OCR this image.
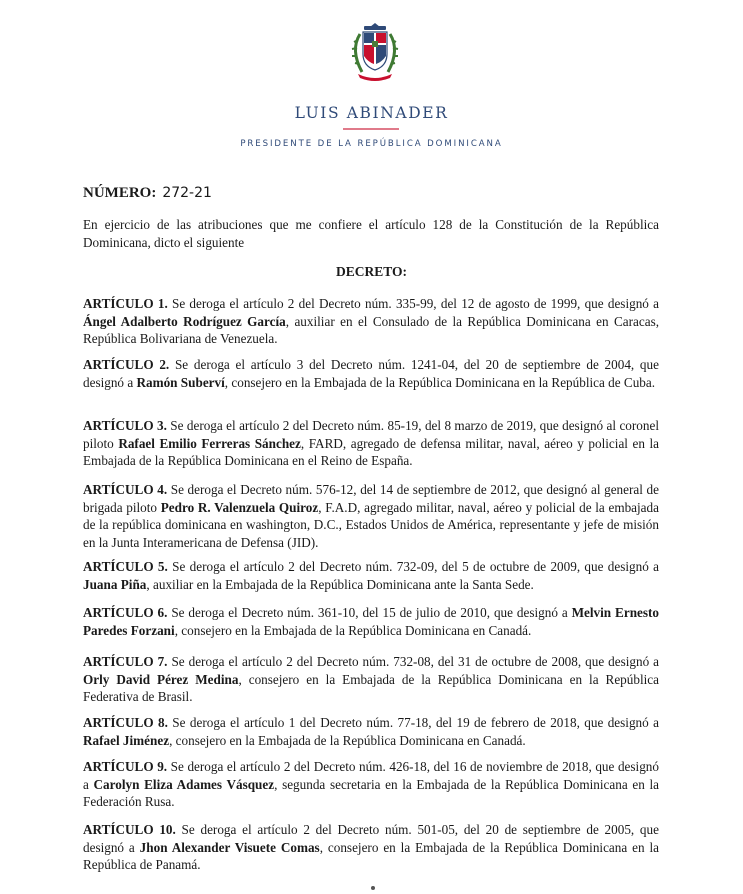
LUIS ABINADER
PRESIDENTE DE LA REPÚBLICA DOMINICANA
NÚMERO: 272-21
En ejercicio de las atribuciones que me confiere el artículo 128 de la Constitución de la República Dominicana, dicto el siguiente
DECRETO:
ARTÍCULO 1. Se deroga el artículo 2 del Decreto núm. 335-99, del 12 de agosto de 1999, que designó a Ángel Adalberto Rodríguez García, auxiliar en el Consulado de la República Dominicana en Caracas, República Bolivariana de Venezuela.
ARTÍCULO 2. Se deroga el artículo 3 del Decreto núm. 1241-04, del 20 de septiembre de 2004, que designó a Ramón Suberví, consejero en la Embajada de la República Dominicana en la República de Cuba.
ARTÍCULO 3. Se deroga el artículo 2 del Decreto núm. 85-19, del 8 marzo de 2019, que designó al coronel piloto Rafael Emilio Ferreras Sánchez, FARD, agregado de defensa militar, naval, aéreo y policial en la Embajada de la República Dominicana en el Reino de España.
ARTÍCULO 4. Se deroga el Decreto núm. 576-12, del 14 de septiembre de 2012, que designó al general de brigada piloto Pedro R. Valenzuela Quiroz, F.A.D, agregado militar, naval, aéreo y policial de la embajada de la república dominicana en washington, D.C., Estados Unidos de América, representante y jefe de misión en la Junta Interamericana de Defensa (JID).
ARTÍCULO 5. Se deroga el artículo 2 del Decreto núm. 732-09, del 5 de octubre de 2009, que designó a Juana Piña, auxiliar en la Embajada de la República Dominicana ante la Santa Sede.
ARTÍCULO 6. Se deroga el Decreto núm. 361-10, del 15 de julio de 2010, que designó a Melvin Ernesto Paredes Forzani, consejero en la Embajada de la República Dominicana en Canadá.
ARTÍCULO 7. Se deroga el artículo 2 del Decreto núm. 732-08, del 31 de octubre de 2008, que designó a Orly David Pérez Medina, consejero en la Embajada de la República Dominicana en la República Federativa de Brasil.
ARTÍCULO 8. Se deroga el artículo 1 del Decreto núm. 77-18, del 19 de febrero de 2018, que designó a Rafael Jiménez, consejero en la Embajada de la República Dominicana en Canadá.
ARTÍCULO 9. Se deroga el artículo 2 del Decreto núm. 426-18, del 16 de noviembre de 2018, que designó a Carolyn Eliza Adames Vásquez, segunda secretaria en la Embajada de la República Dominicana en la Federación Rusa.
ARTÍCULO 10. Se deroga el artículo 2 del Decreto núm. 501-05, del 20 de septiembre de 2005, que designó a Jhon Alexander Visuete Comas, consejero en la Embajada de la República Dominicana en la República de Panamá.
